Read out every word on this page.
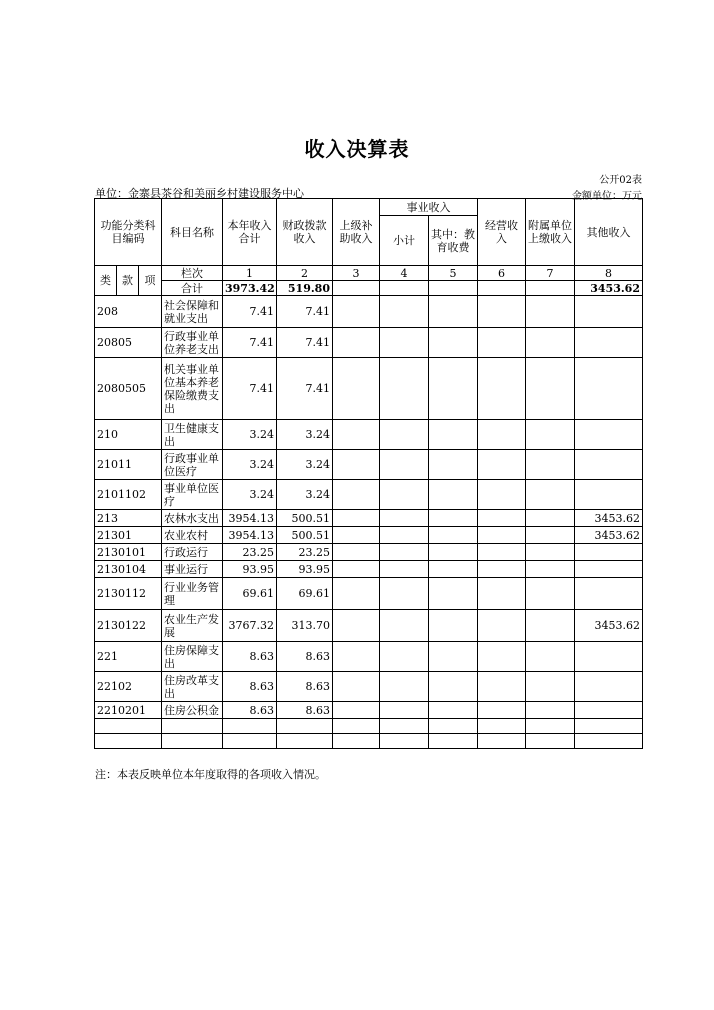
收入决算表
公开02表
单位：金寨县茶谷和美丽乡村建设服务中心	金额单位：万元
功能分类科目编码			科目名称	本年收入合计	财政拨款收入	上级补助收入	事业收入		经营收入	附属单位上缴收入	其他收入
							小计	其中：教育收费			

类	款	项	栏次	1	2	3	4	5	6	7	8
			合计	3973.42	519.80						3453.62
208			社会保障和就业支出	7.41	7.41						
20805			行政事业单位养老支出	7.41	7.41						
2080505			机关事业单位基本养老保险缴费支出	7.41	7.41						
210			卫生健康支出	3.24	3.24						
21011			行政事业单位医疗	3.24	3.24						
2101102			事业单位医疗	3.24	3.24						
213			农林水支出	3954.13	500.51						3453.62
21301			农业农村	3954.13	500.51						3453.62
2130101			行政运行	23.25	23.25						
2130104			事业运行	93.95	93.95						
2130112			行业业务管理	69.61	69.61						
2130122			农业生产发展	3767.32	313.70						3453.62
221			住房保障支出	8.63	8.63						
22102			住房改革支出	8.63	8.63						
2210201			住房公积金	8.63	8.63						

注：本表反映单位本年度取得的各项收入情况。
